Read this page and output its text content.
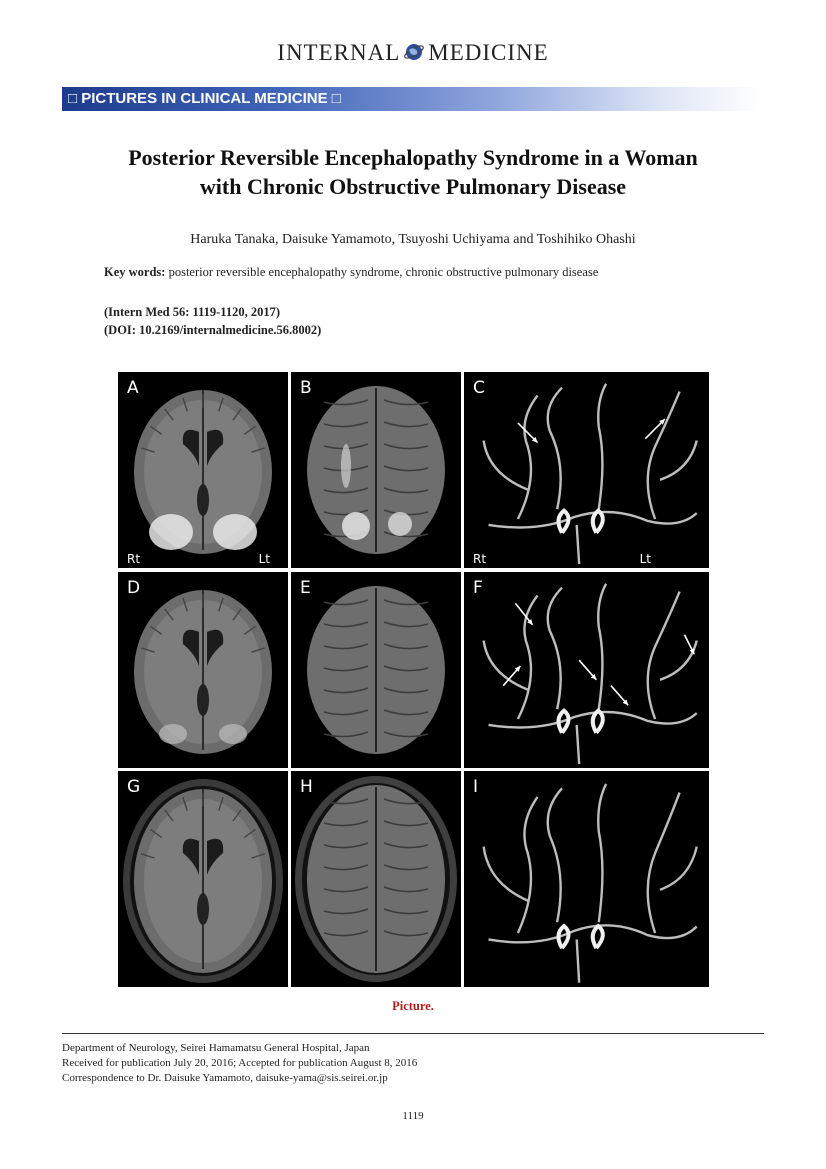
INTERNAL MEDICINE
□ PICTURES IN CLINICAL MEDICINE □
Posterior Reversible Encephalopathy Syndrome in a Woman
with Chronic Obstructive Pulmonary Disease
Haruka Tanaka, Daisuke Yamamoto, Tsuyoshi Uchiyama and Toshihiko Ohashi
Key words: posterior reversible encephalopathy syndrome, chronic obstructive pulmonary disease
(Intern Med 56: 1119-1120, 2017)
(DOI: 10.2169/internalmedicine.56.8002)
A
Rt	Lt
B	C
Rt	Lt
D	E	F
G	H	I
Picture.
Department of Neurology, Seirei Hamamatsu General Hospital, Japan
Received for publication July 20, 2016; Accepted for publication August 8, 2016
Correspondence to Dr. Daisuke Yamamoto, daisuke-yama@sis.seirei.or.jp
1119
